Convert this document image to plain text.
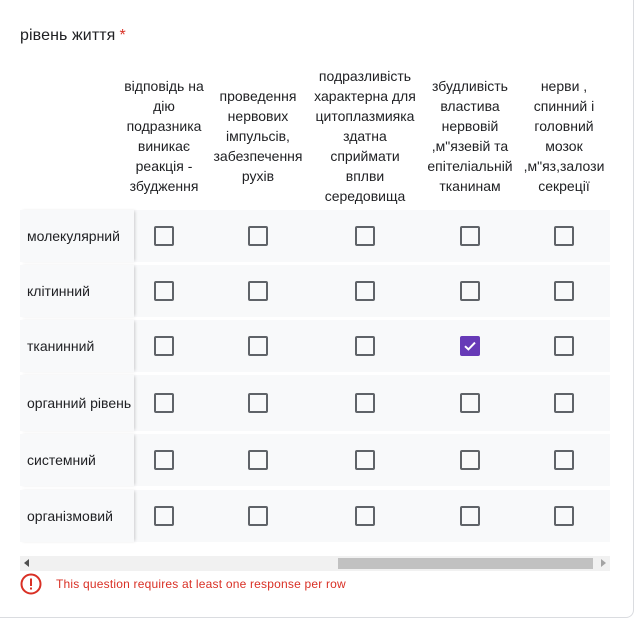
рівень життя *
відповідь на дію подразника виникає реакція - збудження
проведення нервових імпульсів, забезпечення рухів
подразливість характерна для цитоплазмияка здатна сприймати вплви середовища
збудливість властива нервовій ,м"язевій та епітеліальній тканинам
нерви , спинний і головний мозок ,м"яз,залози секреції
молекулярний
клітинний
тканинний
органний рівень
системний
організмовий
This question requires at least one response per row
